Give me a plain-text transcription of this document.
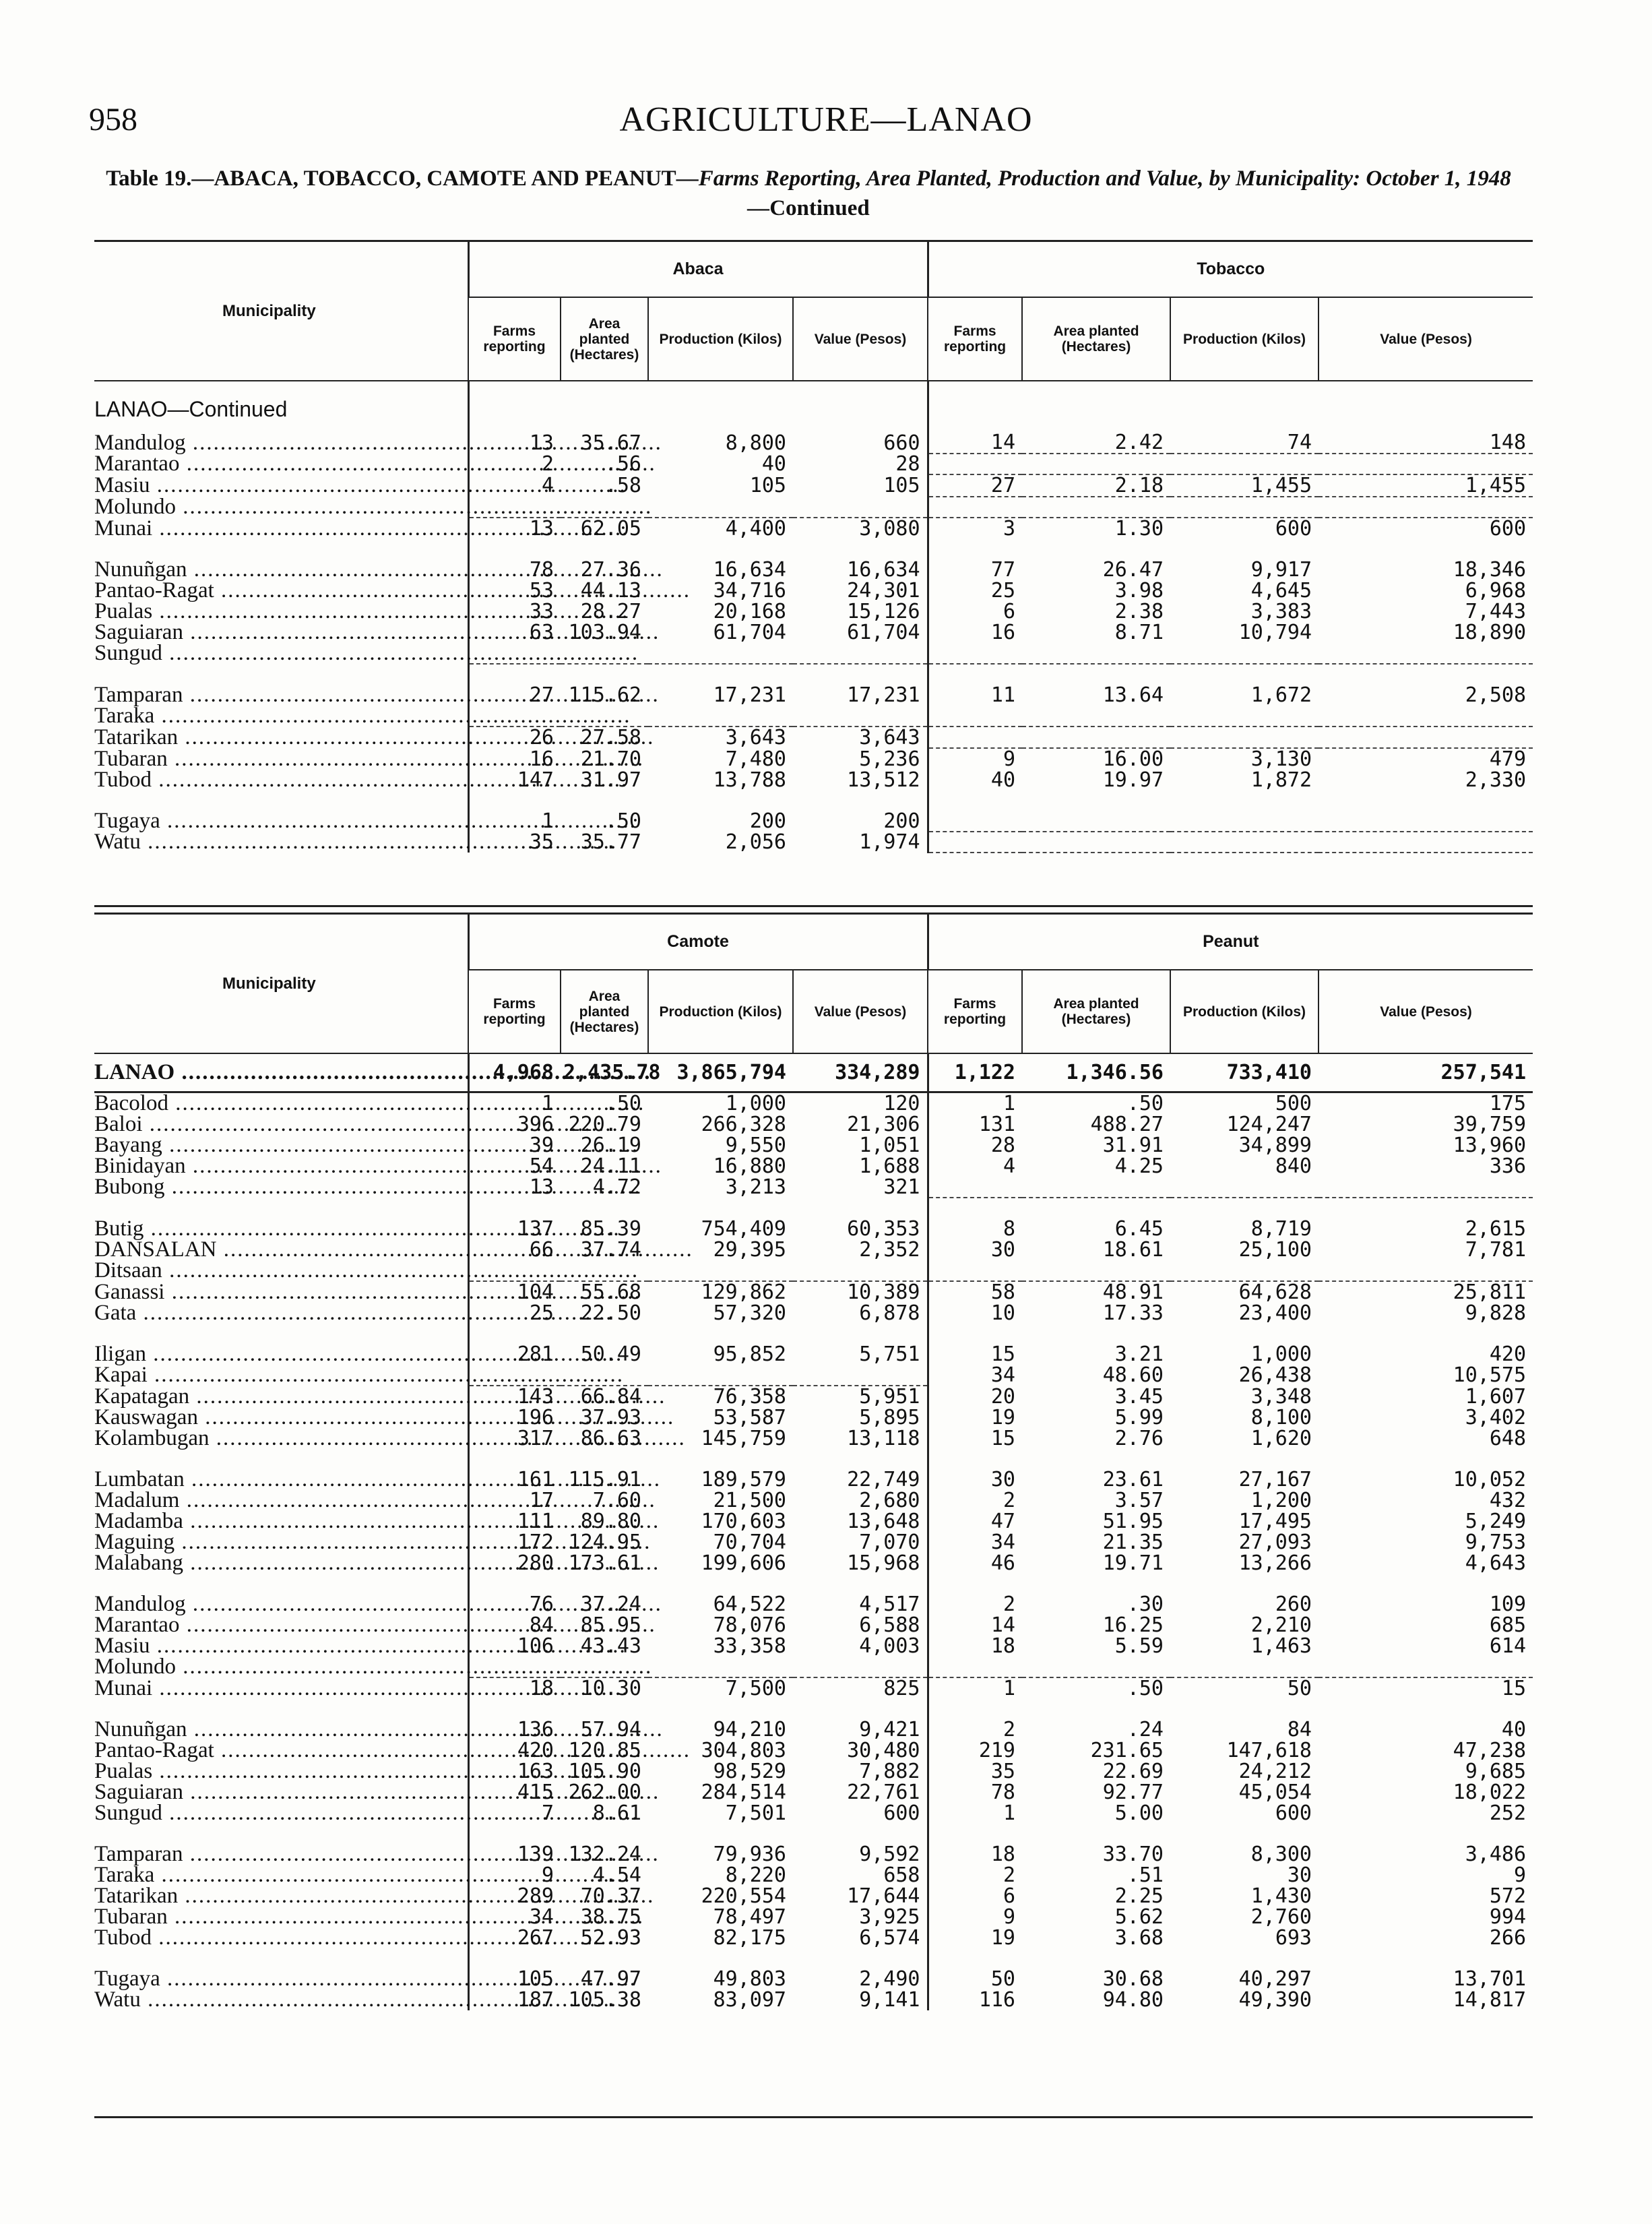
958	AGRICULTURE—LANAO
Table 19.—ABACA, TOBACCO, CAMOTE AND PEANUT—Farms Reporting, Area Planted, Production and Value, by Municipality: October 1, 1948—Continued
Municipality	Abaca				Tobacco			
	Farms reporting	Area planted (Hectares)	Production (Kilos)	Value (Pesos)	Farms reporting	Area planted (Hectares)	Production (Kilos)	Value (Pesos)
LANAO—Continued								
Mandulog .....	13	35.67	8,800	660	14	2.42	74	148
Marantao .....	2	.56	40	28				
Masiu .....	4	.58	105	105	27	2.18	1,455	1,455
Molundo .....								
Munai .....	13	62.05	4,400	3,080	3	1.30	600	600

Nunuñgan .....	78	27.36	16,634	16,634	77	26.47	9,917	18,346
Pantao-Ragat .....	53	44.13	34,716	24,301	25	3.98	4,645	6,968
Pualas .....	33	28.27	20,168	15,126	6	2.38	3,383	7,443
Saguiaran .....	63	103.94	61,704	61,704	16	8.71	10,794	18,890
Sungud .....								

Tamparan .....	27	115.62	17,231	17,231	11	13.64	1,672	2,508
Taraka .....								
Tatarikan .....	26	27.58	3,643	3,643				
Tubaran .....	16	21.70	7,480	5,236	9	16.00	3,130	479
Tubod .....	147	31.97	13,788	13,512	40	19.97	1,872	2,330

Tugaya .....	1	.50	200	200				
Watu .....	35	35.77	2,056	1,974				
Municipality	Camote				Peanut			
	Farms reporting	Area planted (Hectares)	Production (Kilos)	Value (Pesos)	Farms reporting	Area planted (Hectares)	Production (Kilos)	Value (Pesos)
LANAO .....	4,968	2,435.78	3,865,794	334,289	1,122	1,346.56	733,410	257,541
Bacolod .....	1	.50	1,000	120	1	.50	500	175
Baloi .....	396	220.79	266,328	21,306	131	488.27	124,247	39,759
Bayang .....	39	26.19	9,550	1,051	28	31.91	34,899	13,960
Binidayan .....	54	24.11	16,880	1,688	4	4.25	840	336
Bubong .....	13	4.72	3,213	321				

Butig .....	137	85.39	754,409	60,353	8	6.45	8,719	2,615
DANSALAN .....	66	37.74	29,395	2,352	30	18.61	25,100	7,781
Ditsaan .....								
Ganassi .....	104	55.68	129,862	10,389	58	48.91	64,628	25,811
Gata .....	25	22.50	57,320	6,878	10	17.33	23,400	9,828

Iligan .....	281	50.49	95,852	5,751	15	3.21	1,000	420
Kapai .....					34	48.60	26,438	10,575
Kapatagan .....	143	66.84	76,358	5,951	20	3.45	3,348	1,607
Kauswagan .....	196	37.93	53,587	5,895	19	5.99	8,100	3,402
Kolambugan .....	317	86.63	145,759	13,118	15	2.76	1,620	648

Lumbatan .....	161	115.91	189,579	22,749	30	23.61	27,167	10,052
Madalum .....	17	7.60	21,500	2,680	2	3.57	1,200	432
Madamba .....	111	89.80	170,603	13,648	47	51.95	17,495	5,249
Maguing .....	172	124.95	70,704	7,070	34	21.35	27,093	9,753
Malabang .....	280	173.61	199,606	15,968	46	19.71	13,266	4,643

Mandulog .....	76	37.24	64,522	4,517	2	.30	260	109
Marantao .....	84	85.95	78,076	6,588	14	16.25	2,210	685
Masiu .....	106	43.43	33,358	4,003	18	5.59	1,463	614
Molundo .....								
Munai .....	18	10.30	7,500	825	1	.50	50	15

Nunuñgan .....	136	57.94	94,210	9,421	2	.24	84	40
Pantao-Ragat .....	420	120.85	304,803	30,480	219	231.65	147,618	47,238
Pualas .....	163	105.90	98,529	7,882	35	22.69	24,212	9,685
Saguiaran .....	415	262.00	284,514	22,761	78	92.77	45,054	18,022
Sungud .....	7	8.61	7,501	600	1	5.00	600	252

Tamparan .....	139	132.24	79,936	9,592	18	33.70	8,300	3,486
Taraka .....	9	4.54	8,220	658	2	.51	30	9
Tatarikan .....	289	70.37	220,554	17,644	6	2.25	1,430	572
Tubaran .....	34	38.75	78,497	3,925	9	5.62	2,760	994
Tubod .....	267	52.93	82,175	6,574	19	3.68	693	266

Tugaya .....	105	47.97	49,803	2,490	50	30.68	40,297	13,701
Watu .....	187	105.38	83,097	9,141	116	94.80	49,390	14,817
